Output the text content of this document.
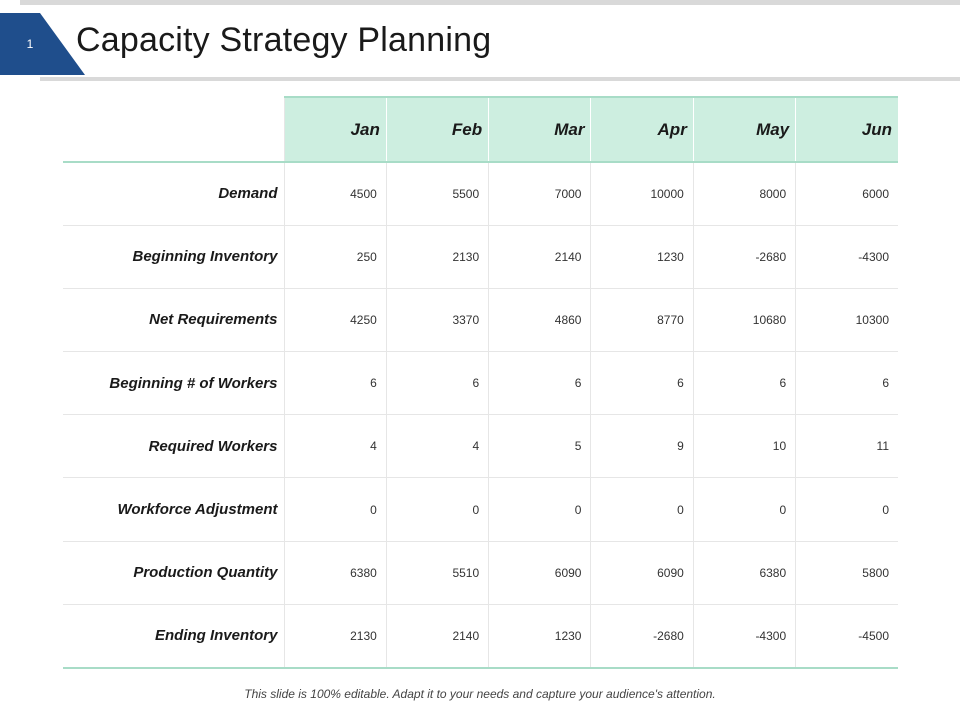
1 Capacity Strategy Planning
	Jan	Feb	Mar	Apr	May	Jun
Demand	4500	5500	7000	10000	8000	6000
Beginning Inventory	250	2130	2140	1230	-2680	-4300
Net Requirements	4250	3370	4860	8770	10680	10300
Beginning # of Workers	6	6	6	6	6	6
Required Workers	4	4	5	9	10	11
Workforce Adjustment	0	0	0	0	0	0
Production Quantity	6380	5510	6090	6090	6380	5800
Ending Inventory	2130	2140	1230	-2680	-4300	-4500
This slide is 100% editable. Adapt it to your needs and capture your audience's attention.
